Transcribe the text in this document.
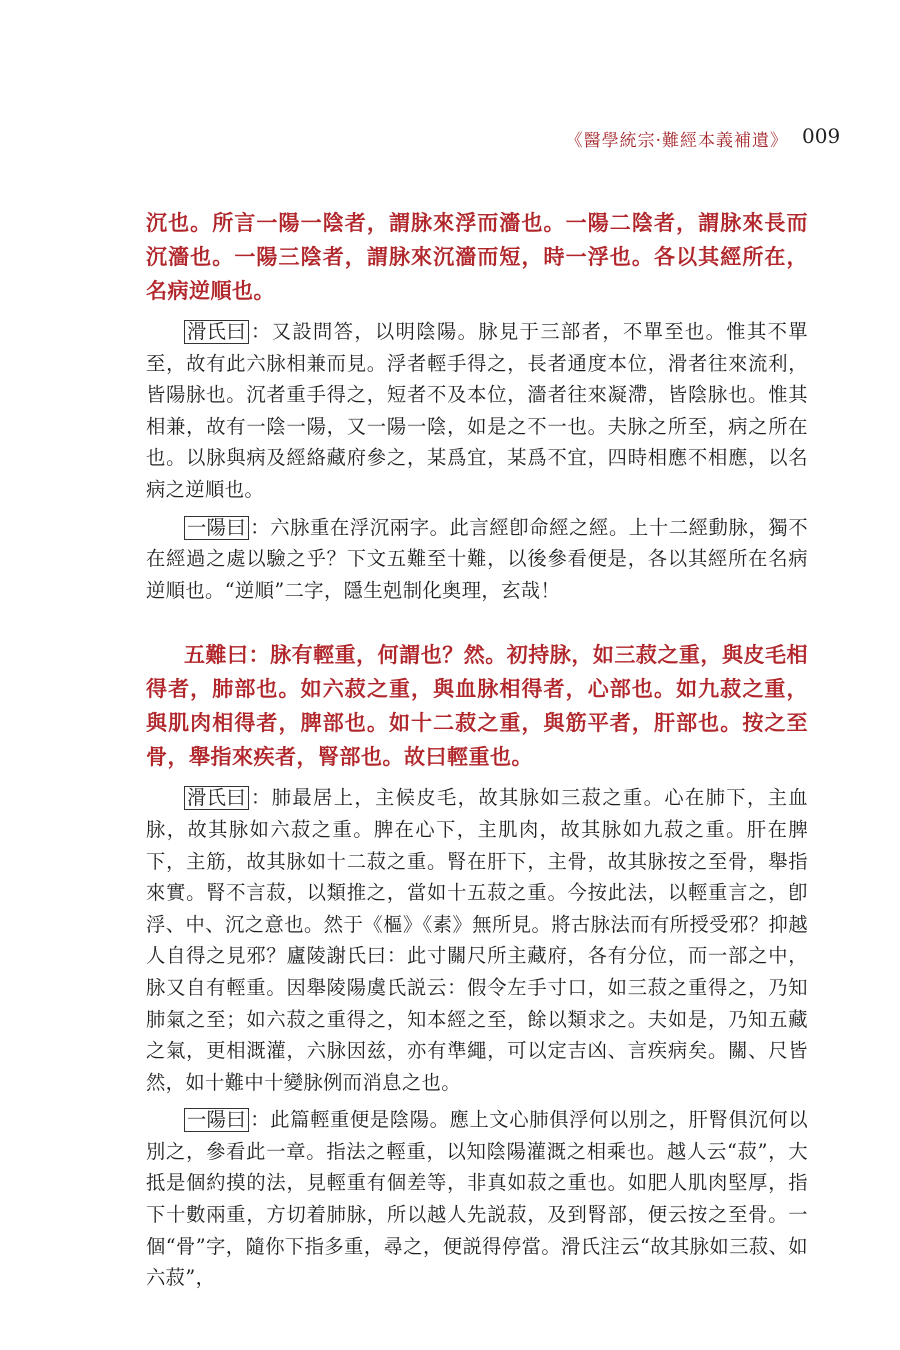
《醫學統宗·難經本義補遺》 009

沉也。所言一陽一陰者，謂脉來浮而濇也。一陽二陰者，謂脉來長而沉濇也。一陽三陰者，謂脉來沉濇而短，時一浮也。各以其經所在，名病逆順也。

滑氏曰 ：又設問答，以明陰陽。脉見于三部者，不單至也。惟其不單至，故有此六脉相兼而見。浮者輕手得之，長者通度本位，滑者往來流利，皆陽脉也。沉者重手得之，短者不及本位，濇者往來凝滯，皆陰脉也。惟其相兼，故有一陰一陽，又一陽一陰，如是之不一也。夫脉之所至，病之所在也。以脉與病及經絡藏府參之，某爲宜，某爲不宜，四時相應不相應，以名病之逆順也。

一陽曰 ：六脉重在浮沉兩字。此言經卽命經之經。上十二經動脉，獨不在經過之處以驗之乎？下文五難至十難，以後參看便是，各以其經所在名病逆順也。“逆順”二字，隱生剋制化奥理，玄哉！

五難曰：脉有輕重，何謂也？然。初持脉，如三菽之重，與皮毛相得者，肺部也。如六菽之重，與血脉相得者，心部也。如九菽之重，與肌肉相得者，脾部也。如十二菽之重，與筋平者，肝部也。按之至骨，舉指來疾者，腎部也。故曰輕重也。

滑氏曰 ：肺最居上，主候皮毛，故其脉如三菽之重。心在肺下，主血脉，故其脉如六菽之重。脾在心下，主肌肉，故其脉如九菽之重。肝在脾下，主筋，故其脉如十二菽之重。腎在肝下，主骨，故其脉按之至骨，舉指來實。腎不言菽，以類推之，當如十五菽之重。今按此法，以輕重言之，卽浮、中、沉之意也。然于《樞》《素》無所見。將古脉法而有所授受邪？抑越人自得之見邪？廬陵謝氏曰：此寸關尺所主藏府，各有分位，而一部之中，脉又自有輕重。因舉陵陽虞氏説云：假令左手寸口，如三菽之重得之，乃知肺氣之至；如六菽之重得之，知本經之至，餘以類求之。夫如是，乃知五藏之氣，更相溉灌，六脉因兹，亦有準繩，可以定吉凶、言疾病矣。關、尺皆然，如十難中十變脉例而消息之也。

一陽曰 ：此篇輕重便是陰陽。應上文心肺俱浮何以別之，肝腎俱沉何以別之，參看此一章。指法之輕重，以知陰陽灌溉之相乘也。越人云“菽”，大抵是個約摸的法，見輕重有個差等，非真如菽之重也。如肥人肌肉堅厚，指下十數兩重，方切着肺脉，所以越人先説菽，及到腎部，便云按之至骨。一個“骨”字，隨你下指多重，尋之，便説得停當。滑氏注云“故其脉如三菽、如六菽”，
